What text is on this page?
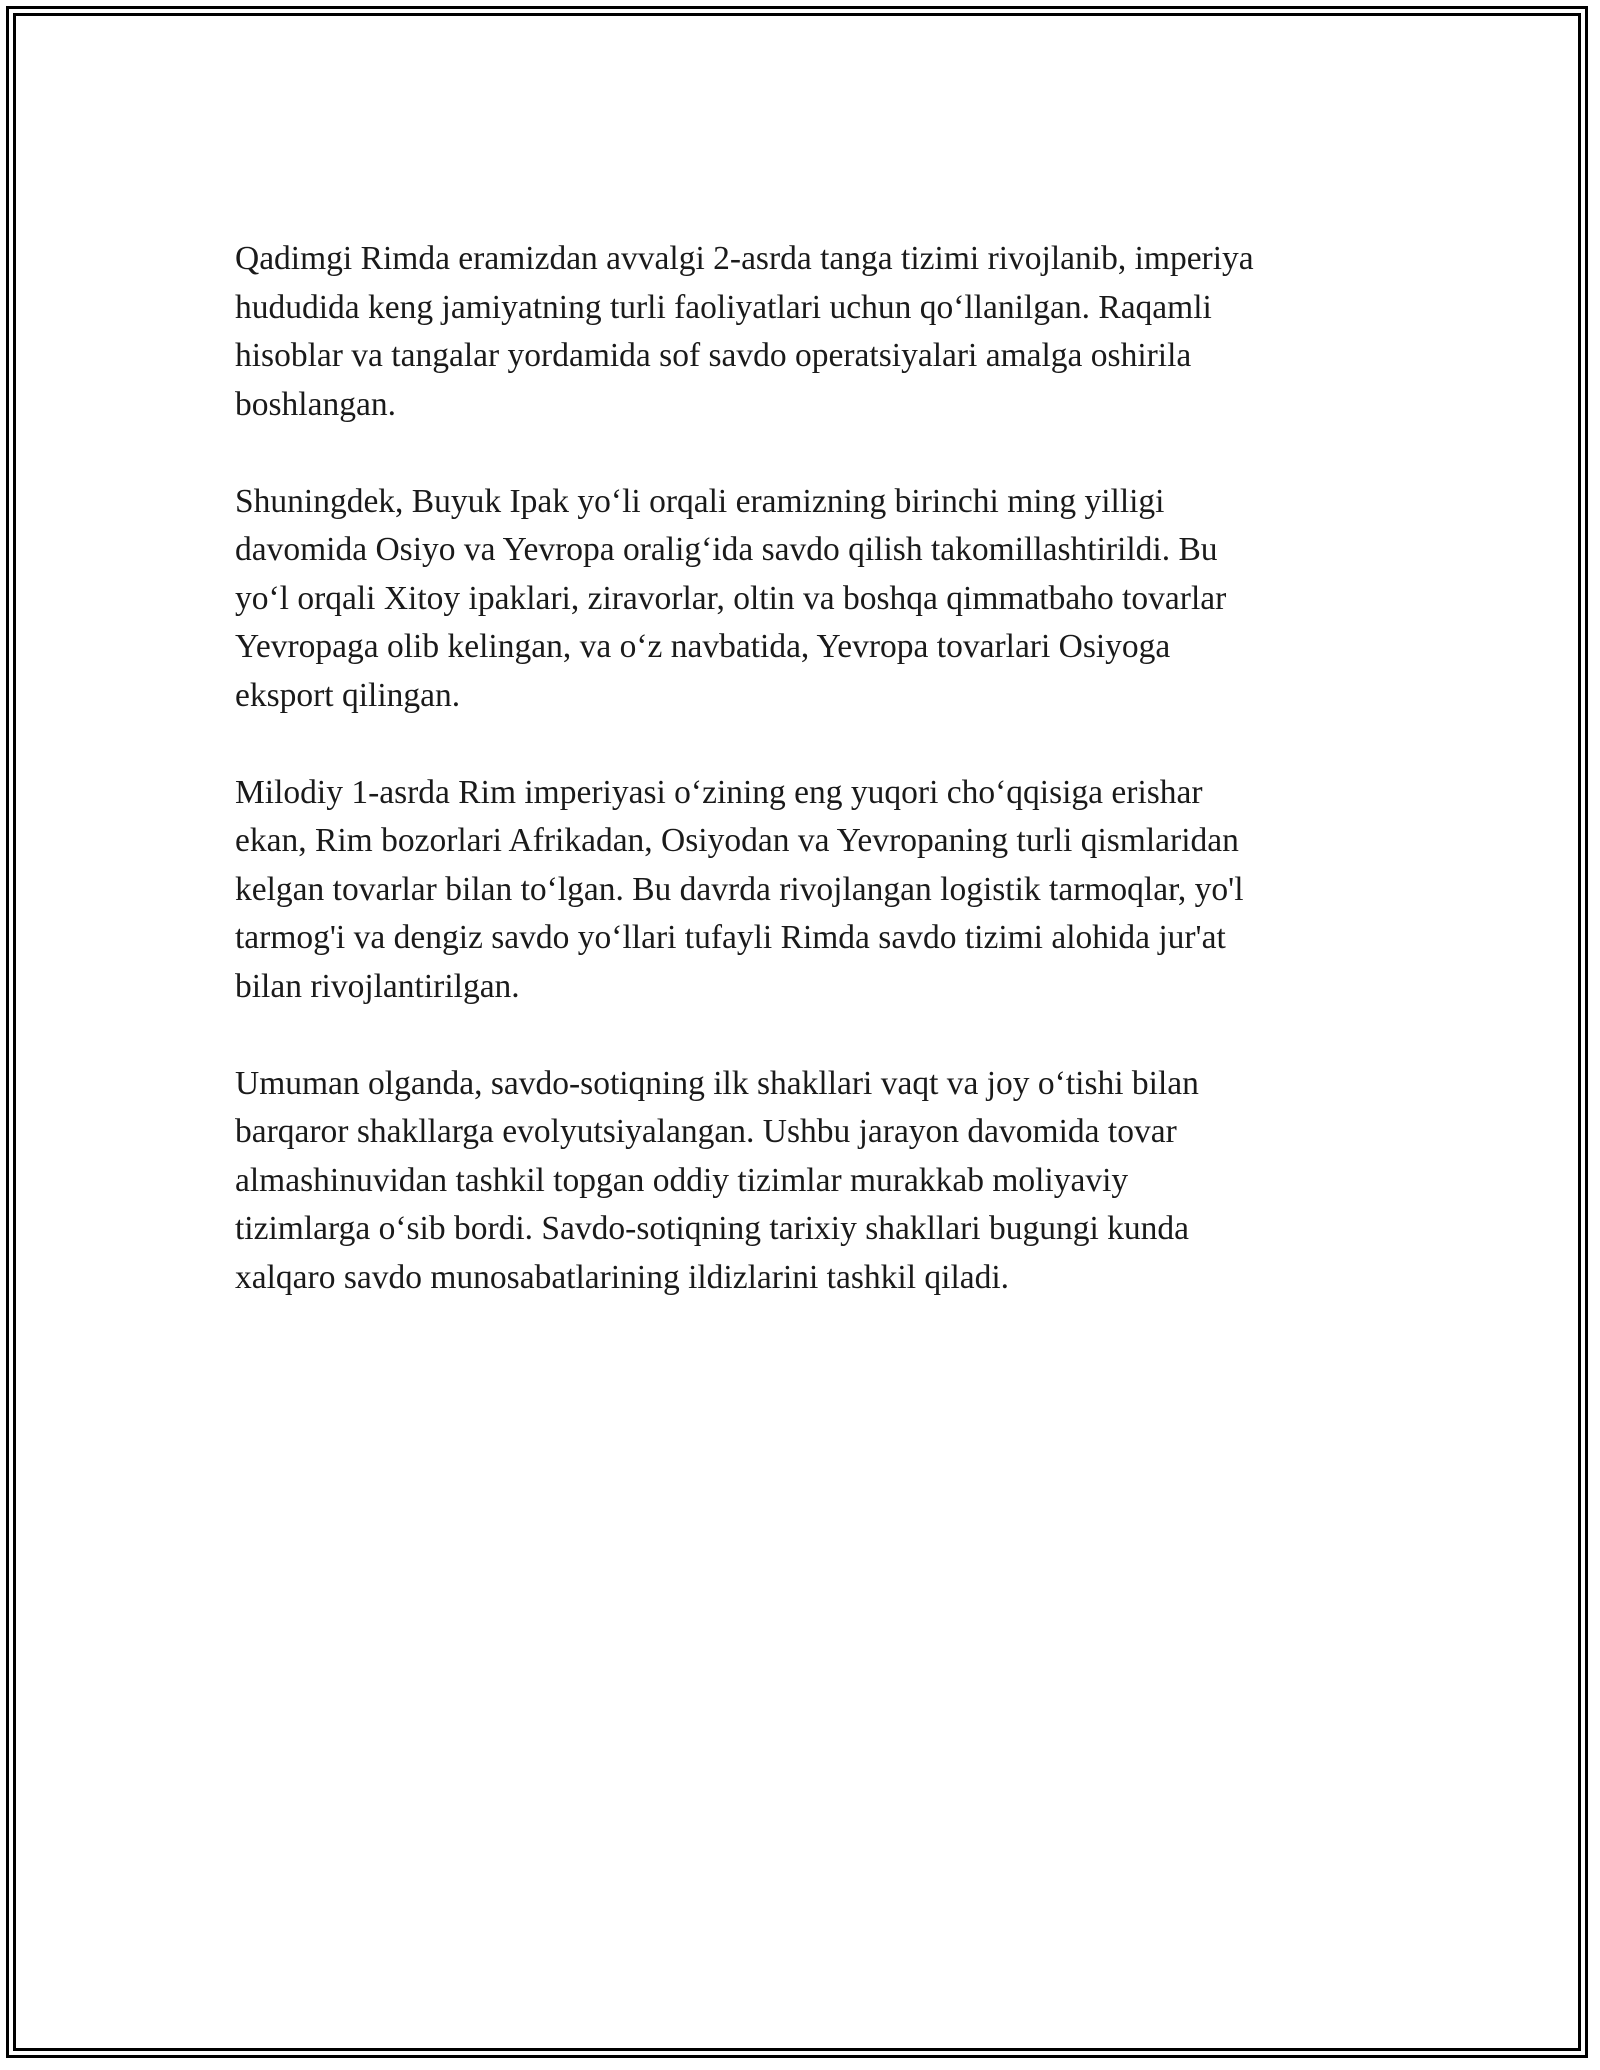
Qadimgi Rimda eramizdan avvalgi 2-asrda tanga tizimi rivojlanib, imperiya
hududida keng jamiyatning turli faoliyatlari uchun qo‘llanilgan. Raqamli
hisoblar va tangalar yordamida sof savdo operatsiyalari amalga oshirila
boshlangan.

Shuningdek, Buyuk Ipak yo‘li orqali eramizning birinchi ming yilligi
davomida Osiyo va Yevropa oralig‘ida savdo qilish takomillashtirildi. Bu
yo‘l orqali Xitoy ipaklari, ziravorlar, oltin va boshqa qimmatbaho tovarlar
Yevropaga olib kelingan, va o‘z navbatida, Yevropa tovarlari Osiyoga
eksport qilingan.

Milodiy 1-asrda Rim imperiyasi o‘zining eng yuqori cho‘qqisiga erishar
ekan, Rim bozorlari Afrikadan, Osiyodan va Yevropaning turli qismlaridan
kelgan tovarlar bilan to‘lgan. Bu davrda rivojlangan logistik tarmoqlar, yo'l
tarmog'i va dengiz savdo yo‘llari tufayli Rimda savdo tizimi alohida jur'at
bilan rivojlantirilgan.

Umuman olganda, savdo-sotiqning ilk shakllari vaqt va joy o‘tishi bilan
barqaror shakllarga evolyutsiyalangan. Ushbu jarayon davomida tovar
almashinuvidan tashkil topgan oddiy tizimlar murakkab moliyaviy
tizimlarga o‘sib bordi. Savdo-sotiqning tarixiy shakllari bugungi kunda
xalqaro savdo munosabatlarining ildizlarini tashkil qiladi.
